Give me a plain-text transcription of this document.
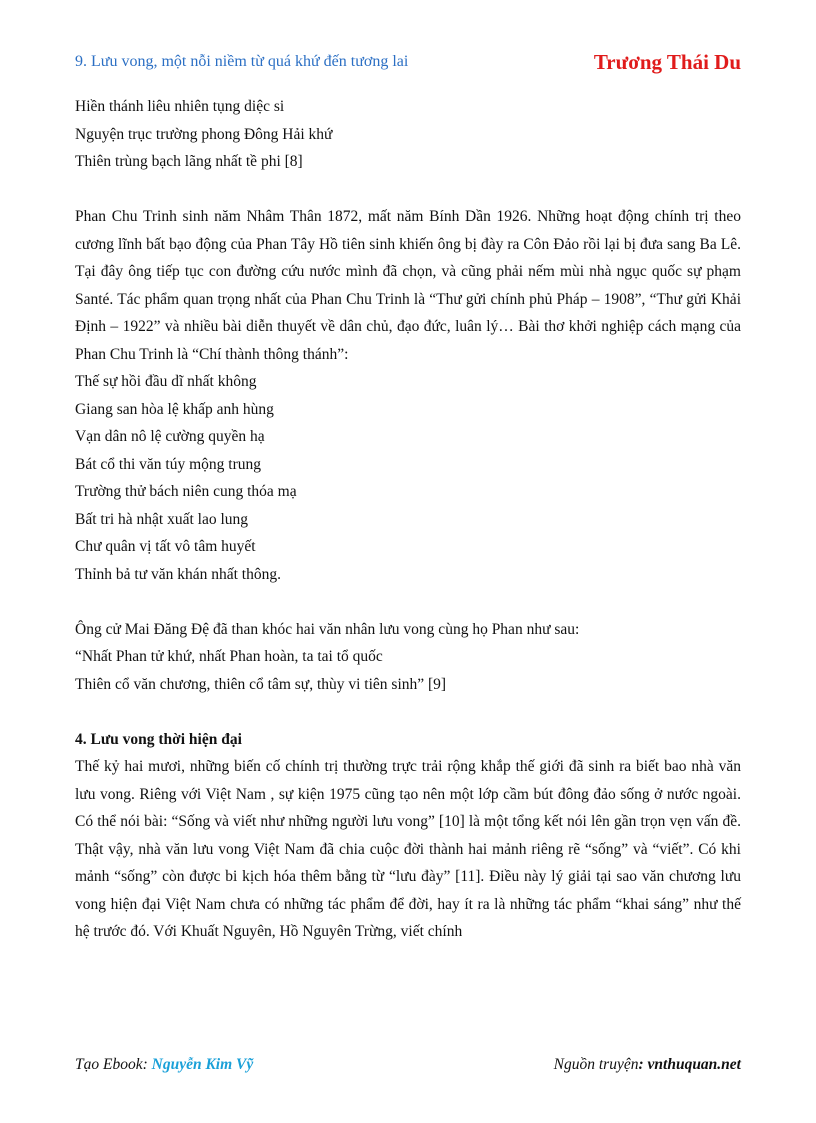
9. Lưu vong, một nỗi niềm từ quá khứ đến tương lai	Trương Thái Du

Hiền thánh liêu nhiên tụng diệc si

Nguyện trục trường phong Đông Hải khứ

Thiên trùng bạch lãng nhất tề phi [8]

Phan Chu Trinh sinh năm Nhâm Thân 1872, mất năm Bính Dần 1926. Những hoạt động chính trị theo cương lĩnh bất bạo động của Phan Tây Hồ tiên sinh khiến ông bị đày ra Côn Đảo rồi lại bị đưa sang Ba Lê. Tại đây ông tiếp tục con đường cứu nước mình đã chọn, và cũng phải nếm mùi nhà ngục quốc sự phạm Santé. Tác phẩm quan trọng nhất của Phan Chu Trinh là “Thư gửi chính phủ Pháp – 1908”, “Thư gửi Khải Định – 1922” và nhiều bài diễn thuyết về dân chủ, đạo đức, luân lý… Bài thơ khởi nghiệp cách mạng của Phan Chu Trinh là “Chí thành thông thánh”:

Thế sự hồi đầu dĩ nhất không

Giang san hòa lệ khấp anh hùng

Vạn dân nô lệ cường quyền hạ

Bát cổ thi văn túy mộng trung

Trường thử bách niên cung thóa mạ

Bất tri hà nhật xuất lao lung

Chư quân vị tất vô tâm huyết

Thỉnh bả tư văn khán nhất thông.

Ông cử Mai Đăng Đệ đã than khóc hai văn nhân lưu vong cùng họ Phan như sau:

“Nhất Phan tử khứ, nhất Phan hoàn, ta tai tổ quốc

Thiên cổ văn chương, thiên cổ tâm sự, thùy vi tiên sinh” [9]

4. Lưu vong thời hiện đại

Thế kỷ hai mươi, những biến cố chính trị thường trực trải rộng khắp thế giới đã sinh ra biết bao nhà văn lưu vong. Riêng với Việt Nam , sự kiện 1975 cũng tạo nên một lớp cầm bút đông đảo sống ở nước ngoài. Có thể nói bài: “Sống và viết như những người lưu vong” [10] là một tổng kết nói lên gần trọn vẹn vấn đề. Thật vậy, nhà văn lưu vong Việt Nam đã chia cuộc đời thành hai mảnh riêng rẽ “sống” và “viết”. Có khi mảnh “sống” còn được bi kịch hóa thêm bằng từ “lưu đày” [11]. Điều này lý giải tại sao văn chương lưu vong hiện đại Việt Nam chưa có những tác phẩm để đời, hay ít ra là những tác phẩm “khai sáng” như thế hệ trước đó. Với Khuất Nguyên, Hồ Nguyên Trừng, viết chính

Tạo Ebook: Nguyễn Kim Vỹ	Nguồn truyện: vnthuquan.net
